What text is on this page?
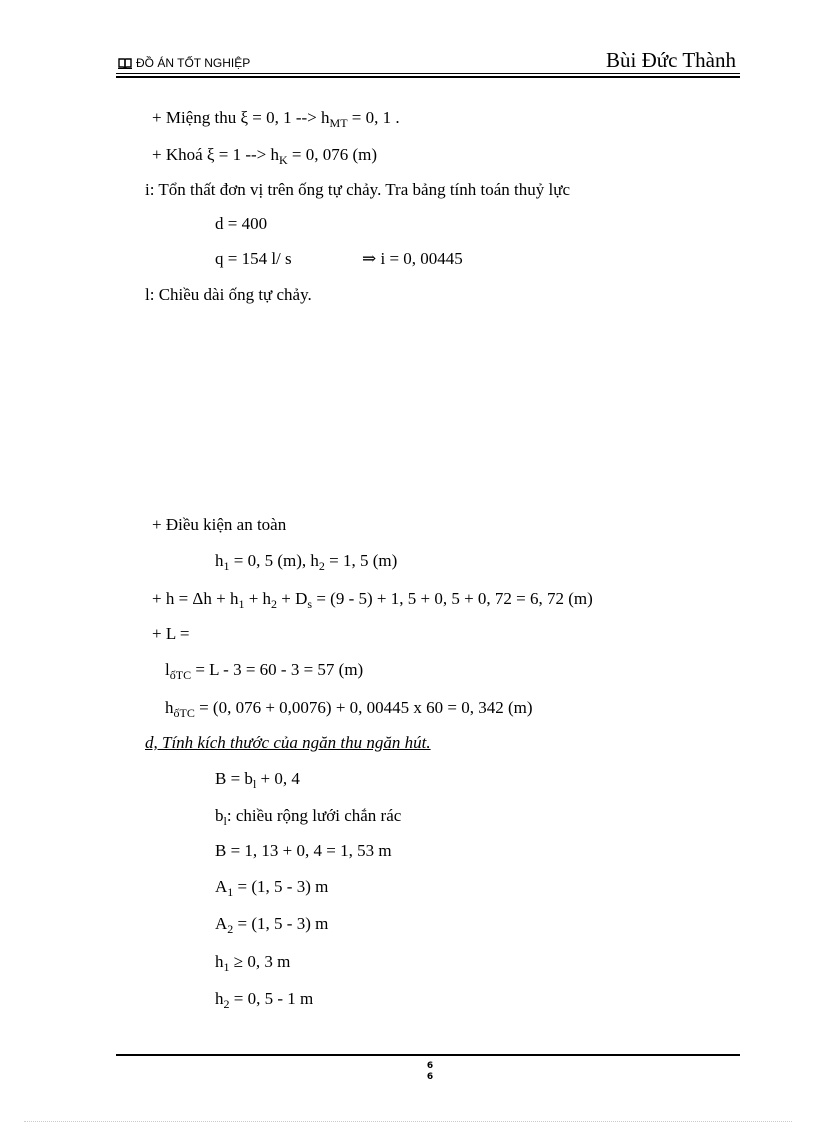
ĐỒ ÁN TỐT NGHIỆP	Bùi Đức Thành
+ Miệng thu ξ = 0, 1 --> $h_{MT} = 0$, 1 .
+ Khoá ξ = 1 --> $h_K = 0$, 076 (m)
i: Tổn thất đơn vị trên ống tự chảy. Tra bảng tính toán thuỷ lực
d = 400
q = 154 l/ s	⇒ i = 0, 00445
l: Chiều dài ống tự chảy.
+ Điều kiện an toàn
$h_1 = 0$, 5 (m), $h_2 = 1$, 5 (m)
+ $h = \Delta h + h_1 + h_2 + D_s = (9 - 5) + 1$, 5 + 0, 5 + 0, 72 = 6, 72 (m)
+ L =
$l_{ốTC} = L - 3 = 60 - 3 = 57$ (m)
$h_{ốTC} = (0$, 076 + 0,0076) + 0, 00445 x 60 = 0, 342 (m)
d, Tính kích thước của ngăn thu ngăn hút.
$B = b_l + 0$, 4
$b_l$: chiều rộng lưới chắn rác
B = 1, 13 + 0, 4 = 1, 53 m
$A_1 = (1$, 5 - 3) m
$A_2 = (1$, 5 - 3) m
$h_1 \ge 0$, 3 m
$h_2 = 0$, 5 - 1 m
6
6
